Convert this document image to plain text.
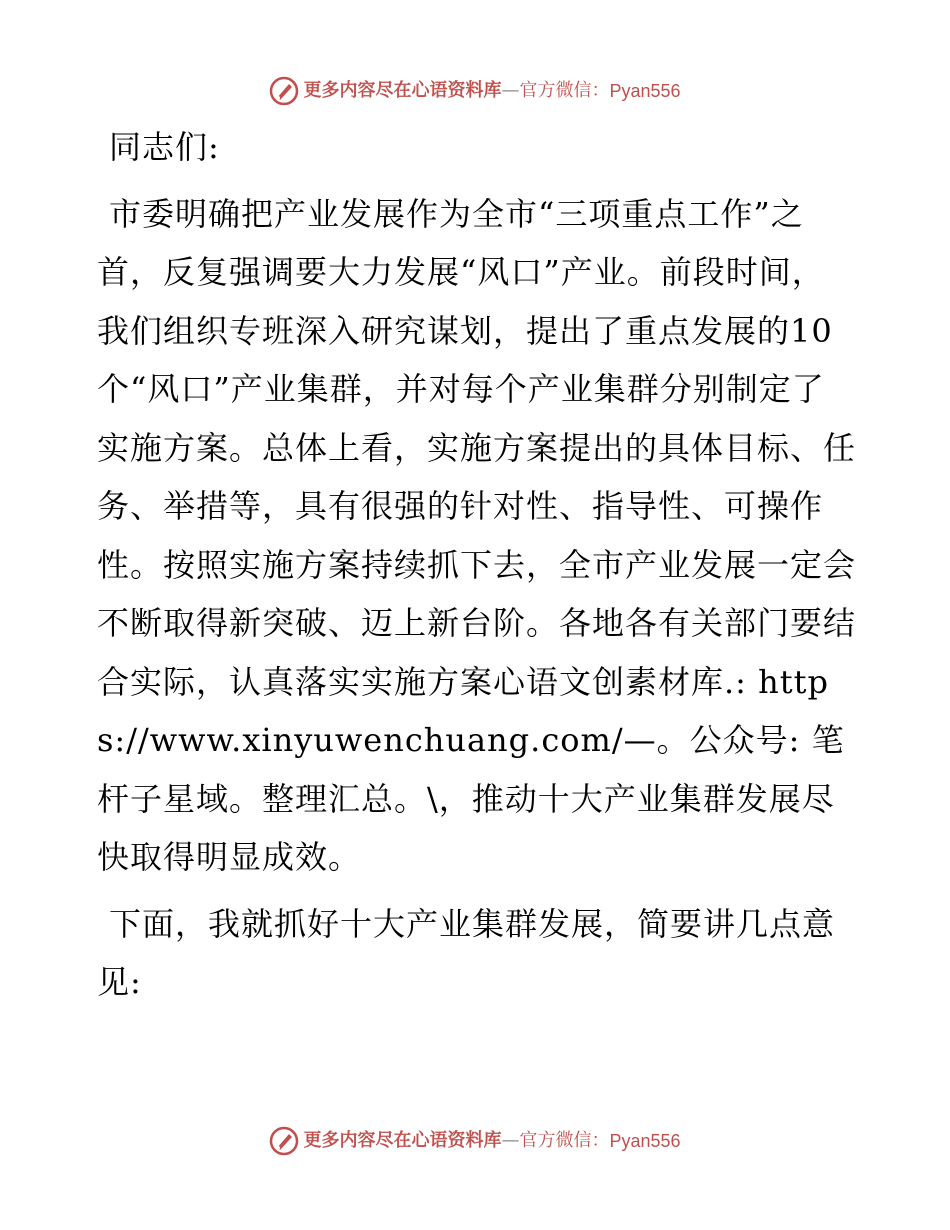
更多内容尽在心语资料库—官方微信：Pyan556

同志们:

市委明确把产业发展作为全市“三项重点工作”之首，反复强调要大力发展“风口”产业。前段时间，我们组织专班深入研究谋划，提出了重点发展的10个“风口”产业集群，并对每个产业集群分别制定了实施方案。总体上看，实施方案提出的具体目标、任务、举措等，具有很强的针对性、指导性、可操作性。按照实施方案持续抓下去，全市产业发展一定会不断取得新突破、迈上新台阶。各地各有关部门要结合实际，认真落实实施方案心语文创素材库.: https://www.xinyuwenchuang.com/—。公众号: 笔杆子星域。整理汇总。\，推动十大产业集群发展尽快取得明显成效。

下面，我就抓好十大产业集群发展，简要讲几点意见:

更多内容尽在心语资料库—官方微信：Pyan556
